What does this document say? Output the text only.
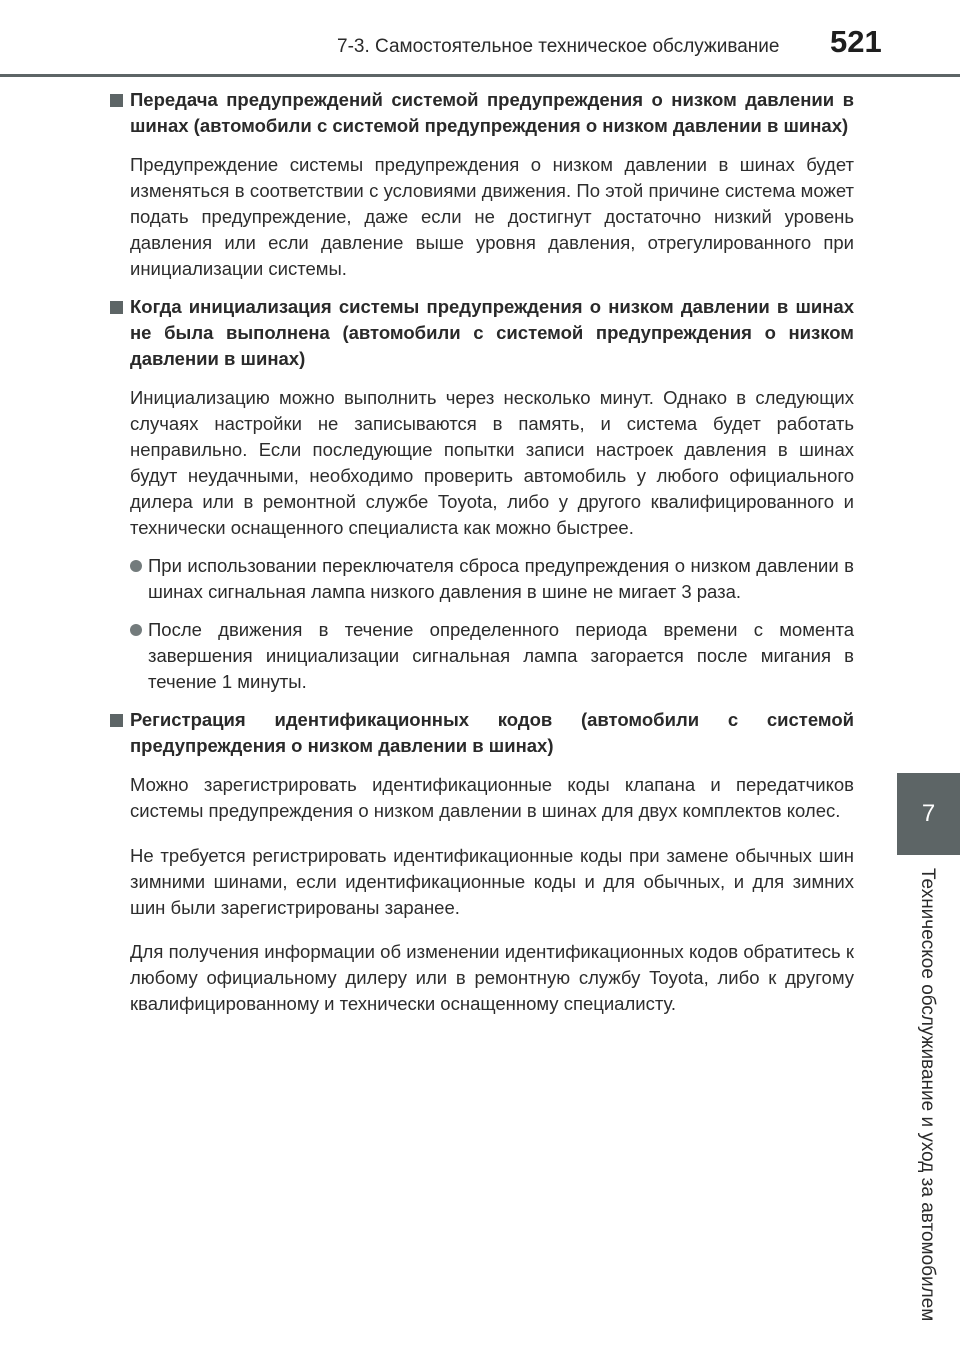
7-3. Самостоятельное техническое обслуживание 521
7
Техническое обслуживание и уход за автомобилем
Передача предупреждений системой предупреждения о низком давлении в шинах (автомобили с системой предупреждения о низком давлении в шинах)

Предупреждение системы предупреждения о низком давлении в шинах будет изменяться в соответствии с условиями движения. По этой причине система может подать предупреждение, даже если не достигнут достаточно низкий уровень давления или если давление выше уровня давления, отрегулированного при инициализации системы.

Когда инициализация системы предупреждения о низком давлении в шинах не была выполнена (автомобили с системой предупреждения о низком давлении в шинах)

Инициализацию можно выполнить через несколько минут. Однако в следующих случаях настройки не записываются в память, и система будет работать неправильно. Если последующие попытки записи настроек давления в шинах будут неудачными, необходимо проверить автомобиль у любого официального дилера или в ремонтной службе Toyota, либо у другого квалифицированного и технически оснащенного специалиста как можно быстрее.

При использовании переключателя сброса предупреждения о низком давлении в шинах сигнальная лампа низкого давления в шине не мигает 3 раза.
После движения в течение определенного периода времени с момента завершения инициализации сигнальная лампа загорается после мигания в течение 1 минуты.
Регистрация идентификационных кодов (автомобили с системой предупреждения о низком давлении в шинах)

Можно зарегистрировать идентификационные коды клапана и передатчиков системы предупреждения о низком давлении в шинах для двух комплектов колес.

Не требуется регистрировать идентификационные коды при замене обычных шин зимними шинами, если идентификационные коды и для обычных, и для зимних шин были зарегистрированы заранее.

Для получения информации об изменении идентификационных кодов обратитесь к любому официальному дилеру или в ремонтную службу Toyota, либо к другому квалифицированному и технически оснащенному специалисту.
